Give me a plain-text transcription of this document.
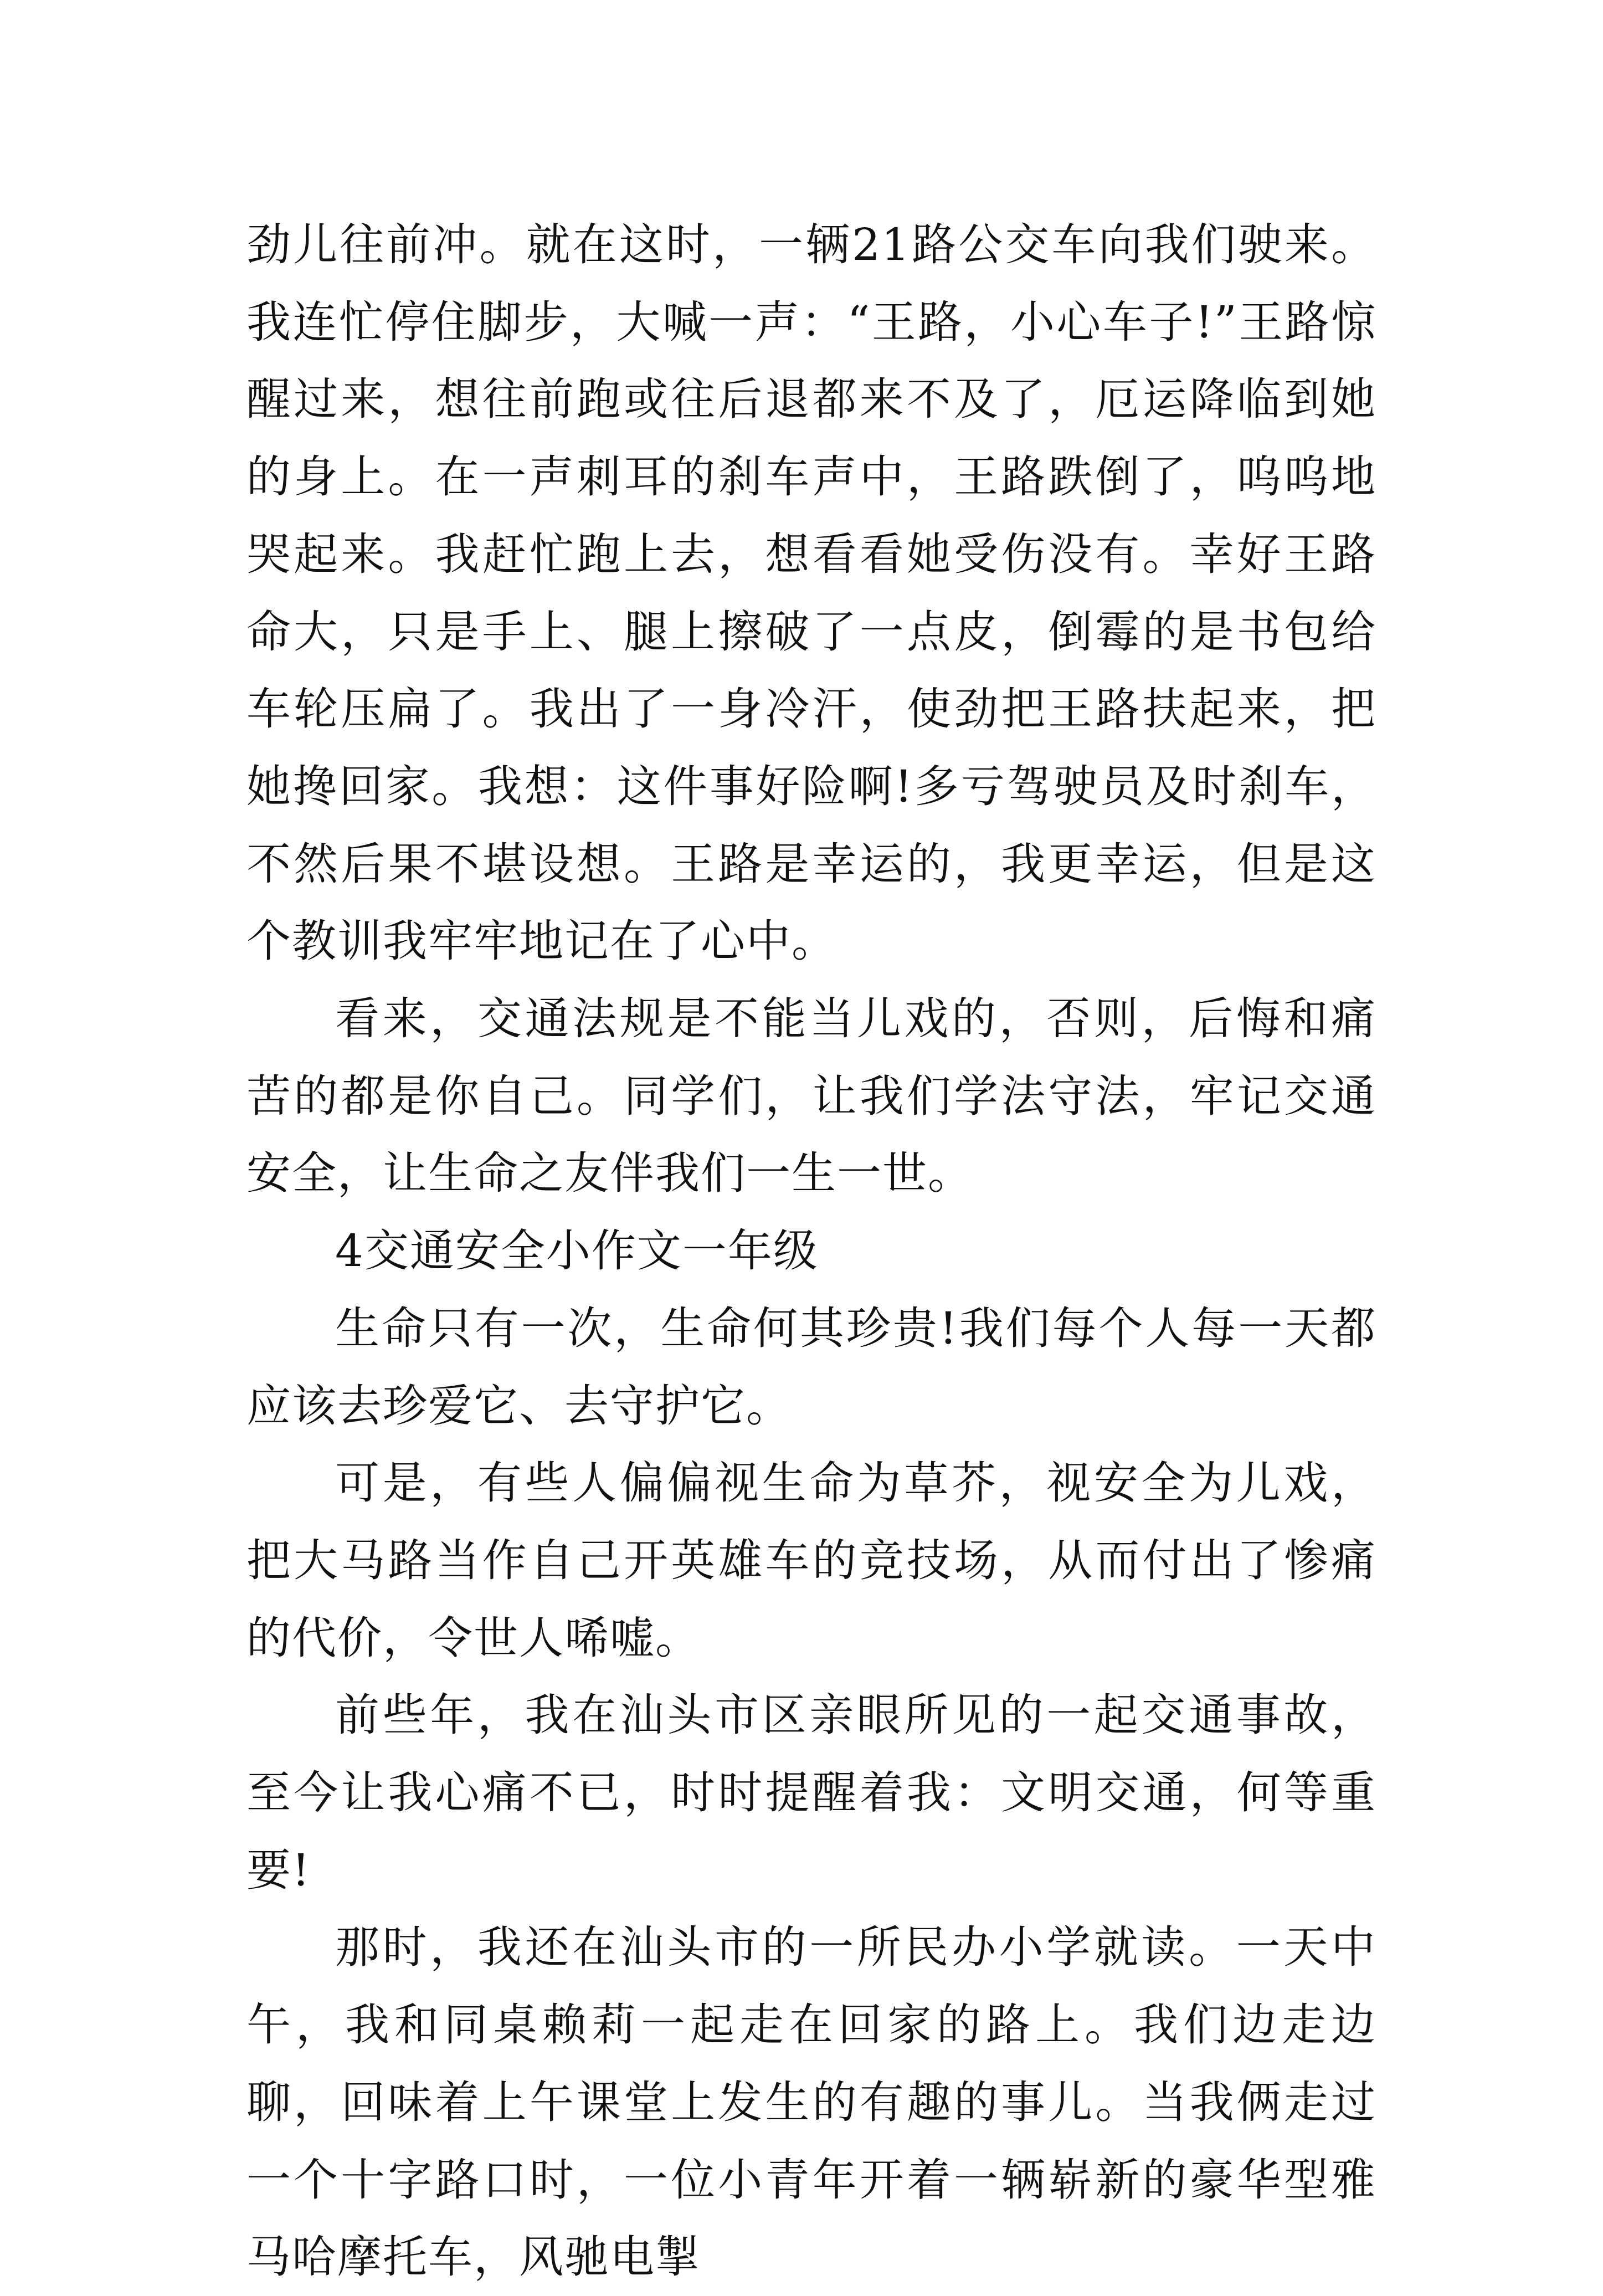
劲儿往前冲。就在这时，一辆21路公交车向我们驶来。我连忙停住脚步，大喊一声：“王路，小心车子!”王路惊醒过来，想往前跑或往后退都来不及了，厄运降临到她的身上。在一声刺耳的刹车声中，王路跌倒了，呜呜地哭起来。我赶忙跑上去，想看看她受伤没有。幸好王路命大，只是手上、腿上擦破了一点皮，倒霉的是书包给车轮压扁了。我出了一身冷汗，使劲把王路扶起来，把她搀回家。我想：这件事好险啊!多亏驾驶员及时刹车，不然后果不堪设想。王路是幸运的，我更幸运，但是这个教训我牢牢地记在了心中。

看来，交通法规是不能当儿戏的，否则，后悔和痛苦的都是你自己。同学们，让我们学法守法，牢记交通安全，让生命之友伴我们一生一世。

4交通安全小作文一年级

生命只有一次，生命何其珍贵!我们每个人每一天都应该去珍爱它、去守护它。

可是，有些人偏偏视生命为草芥，视安全为儿戏，把大马路当作自己开英雄车的竞技场，从而付出了惨痛的代价，令世人唏嘘。

前些年，我在汕头市区亲眼所见的一起交通事故，至今让我心痛不已，时时提醒着我：文明交通，何等重要!

那时，我还在汕头市的一所民办小学就读。一天中午，我和同桌赖莉一起走在回家的路上。我们边走边聊，回味着上午课堂上发生的有趣的事儿。当我俩走过一个十字路口时，一位小青年开着一辆崭新的豪华型雅马哈摩托车，风驰电掣
